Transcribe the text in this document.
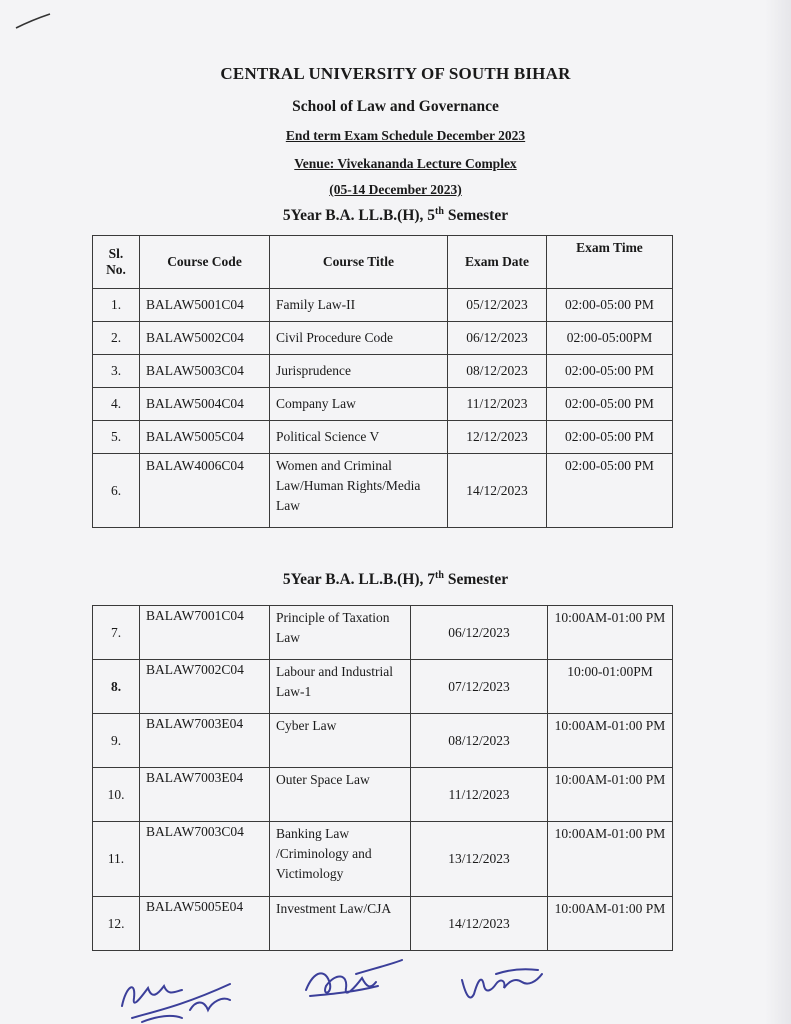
CENTRAL UNIVERSITY OF SOUTH BIHAR

School of Law and Governance

End term Exam Schedule December 2023

Venue: Vivekananda Lecture Complex

(05-14 December 2023)

5Year B.A. LL.B.(H), 5th Semester

Sl. No.	Course Code	Course Title	Exam Date	Exam Time
1.	BALAW5001C04	Family Law-II	05/12/2023	02:00-05:00 PM
2.	BALAW5002C04	Civil Procedure Code	06/12/2023	02:00-05:00PM
3.	BALAW5003C04	Jurisprudence	08/12/2023	02:00-05:00 PM
4.	BALAW5004C04	Company Law	11/12/2023	02:00-05:00 PM
5.	BALAW5005C04	Political Science V	12/12/2023	02:00-05:00 PM
6.	BALAW4006C04	Women and Criminal Law/Human Rights/Media Law	14/12/2023	02:00-05:00 PM

5Year B.A. LL.B.(H), 7th Semester

7.	BALAW7001C04	Principle of Taxation Law	06/12/2023	10:00AM-01:00 PM
8.	BALAW7002C04	Labour and Industrial Law-1	07/12/2023	10:00-01:00PM
9.	BALAW7003E04	Cyber Law	08/12/2023	10:00AM-01:00 PM
10.	BALAW7003E04	Outer Space Law	11/12/2023	10:00AM-01:00 PM
11.	BALAW7003C04	Banking Law /Criminology and Victimology	13/12/2023	10:00AM-01:00 PM
12.	BALAW5005E04	Investment Law/CJA	14/12/2023	10:00AM-01:00 PM
